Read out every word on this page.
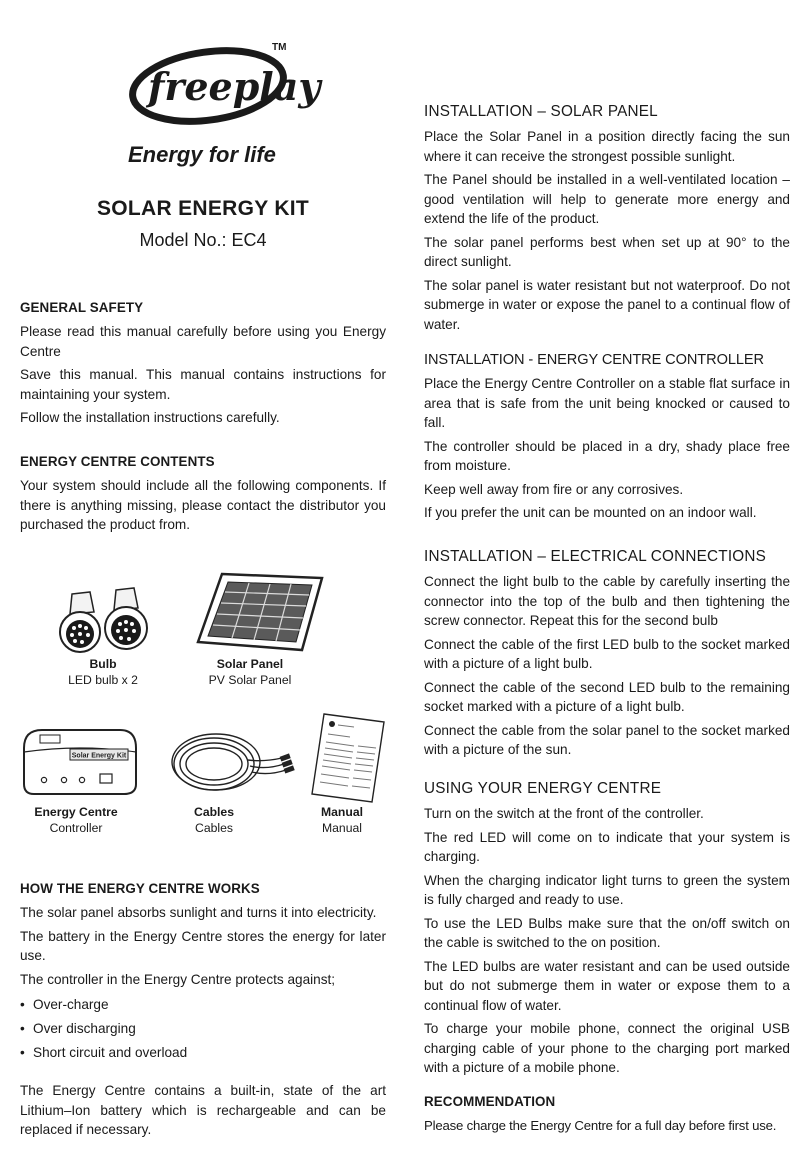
freeplay
TM
Energy for life
SOLAR ENERGY KIT
Model No.: EC4
GENERAL SAFETY

Please read this manual carefully before using you Energy Centre

Save this manual. This manual contains instructions for maintaining your system.

Follow the installation instructions carefully.

ENERGY CENTRE CONTENTS

Your system should include all the following components. If there is anything missing, please contact the distributor you purchased the product from.

Bulb
LED bulb x 2
Solar Panel
PV Solar Panel
Solar Energy Kit
Energy Centre
Controller
Cables
Cables
Manual
Manual
HOW THE ENERGY CENTRE WORKS

The solar panel absorbs sunlight and turns it into electricity.

The battery in the Energy Centre stores the energy for later use.

The controller in the Energy Centre protects against;

• Over-charge
• Over discharging
• Short circuit and overload

The Energy Centre contains a built-in, state of the art Lithium–Ion battery which is rechargeable and can be replaced if necessary.

INSTALLATION – SOLAR PANEL

Place the Solar Panel in a position directly facing the sun where it can receive the strongest possible sunlight.

The Panel should be installed in a well-ventilated location – good ventilation will help to generate more energy and extend the life of the product.

The solar panel performs best when set up at 90° to the direct sunlight.

The solar panel is water resistant but not waterproof. Do not submerge in water or expose the panel to a continual flow of water.

INSTALLATION - ENERGY CENTRE CONTROLLER

Place the Energy Centre Controller on a stable flat surface in area that is safe from the unit being knocked or caused to fall.

The controller should be placed in a dry, shady place free from moisture.

Keep well away from fire or any corrosives.

If you prefer the unit can be mounted on an indoor wall.

INSTALLATION – ELECTRICAL CONNECTIONS

Connect the light bulb to the cable by carefully inserting the connector into the top of the bulb and then tightening the screw connector. Repeat this for the second bulb

Connect the cable of the first LED bulb to the socket marked with a picture of a light bulb.

Connect the cable of the second LED bulb to the remaining socket marked with a picture of a light bulb.

Connect the cable from the solar panel to the socket marked with a picture of the sun.

USING YOUR ENERGY CENTRE

Turn on the switch at the front of the controller.

The red LED will come on to indicate that your system is charging.

When the charging indicator light turns to green the system is fully charged and ready to use.

To use the LED Bulbs make sure that the on/off switch on the cable is switched to the on position.

The LED bulbs are water resistant and can be used outside but do not submerge them in water or expose them to a continual flow of water.

To charge your mobile phone, connect the original USB charging cable of your phone to the charging port marked with a picture of a mobile phone.

RECOMMENDATION

Please charge the Energy Centre for a full day before first use.
